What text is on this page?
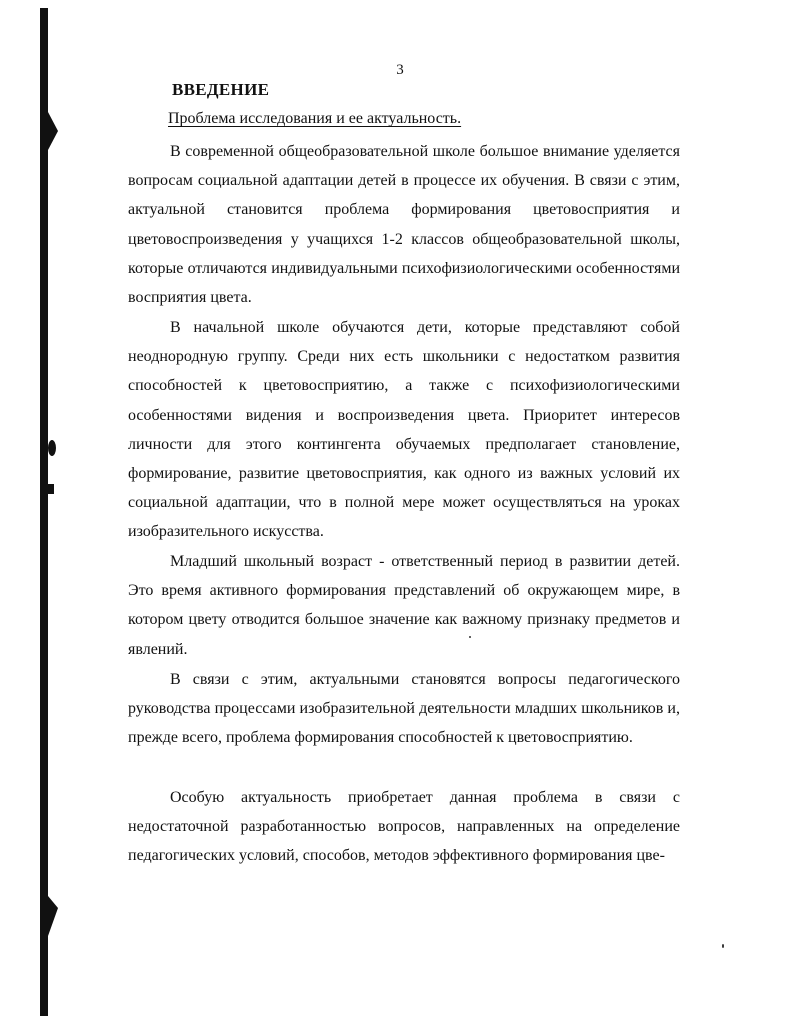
3
ВВЕДЕНИЕ
Проблема исследования и ее актуальность.

В современной общеобразовательной школе большое внимание уделяется вопросам социальной адаптации детей в процессе их обучения. В связи с этим, актуальной становится проблема формирования цветовосприятия и цветовоспроизведения у учащихся 1-2 классов общеобразовательной школы, которые отличаются индивидуальными психофизиологическими особенностями восприятия цвета.

В начальной школе обучаются дети, которые представляют собой неоднородную группу. Среди них есть школьники с недостатком развития способностей к цветовосприятию, а также с психофизиологическими особенностями видения и воспроизведения цвета. Приоритет интересов личности для этого контингента обучаемых предполагает становление, формирование, развитие цветовосприятия, как одного из важных условий их социальной адаптации, что в полной мере может осуществляться на уроках изобразительного искусства.

Младший школьный возраст - ответственный период в развитии детей. Это время активного формирования представлений об окружающем мире, в котором цвету отводится большое значение как важному признаку предметов и явлений.

В связи с этим, актуальными становятся вопросы педагогического руководства процессами изобразительной деятельности младших школьников и, прежде всего, проблема формирования способностей к цветовосприятию.

Особую актуальность приобретает данная проблема в связи с недостаточной разработанностью вопросов, направленных на определение педагогических условий, способов, методов эффективного формирования цве-
